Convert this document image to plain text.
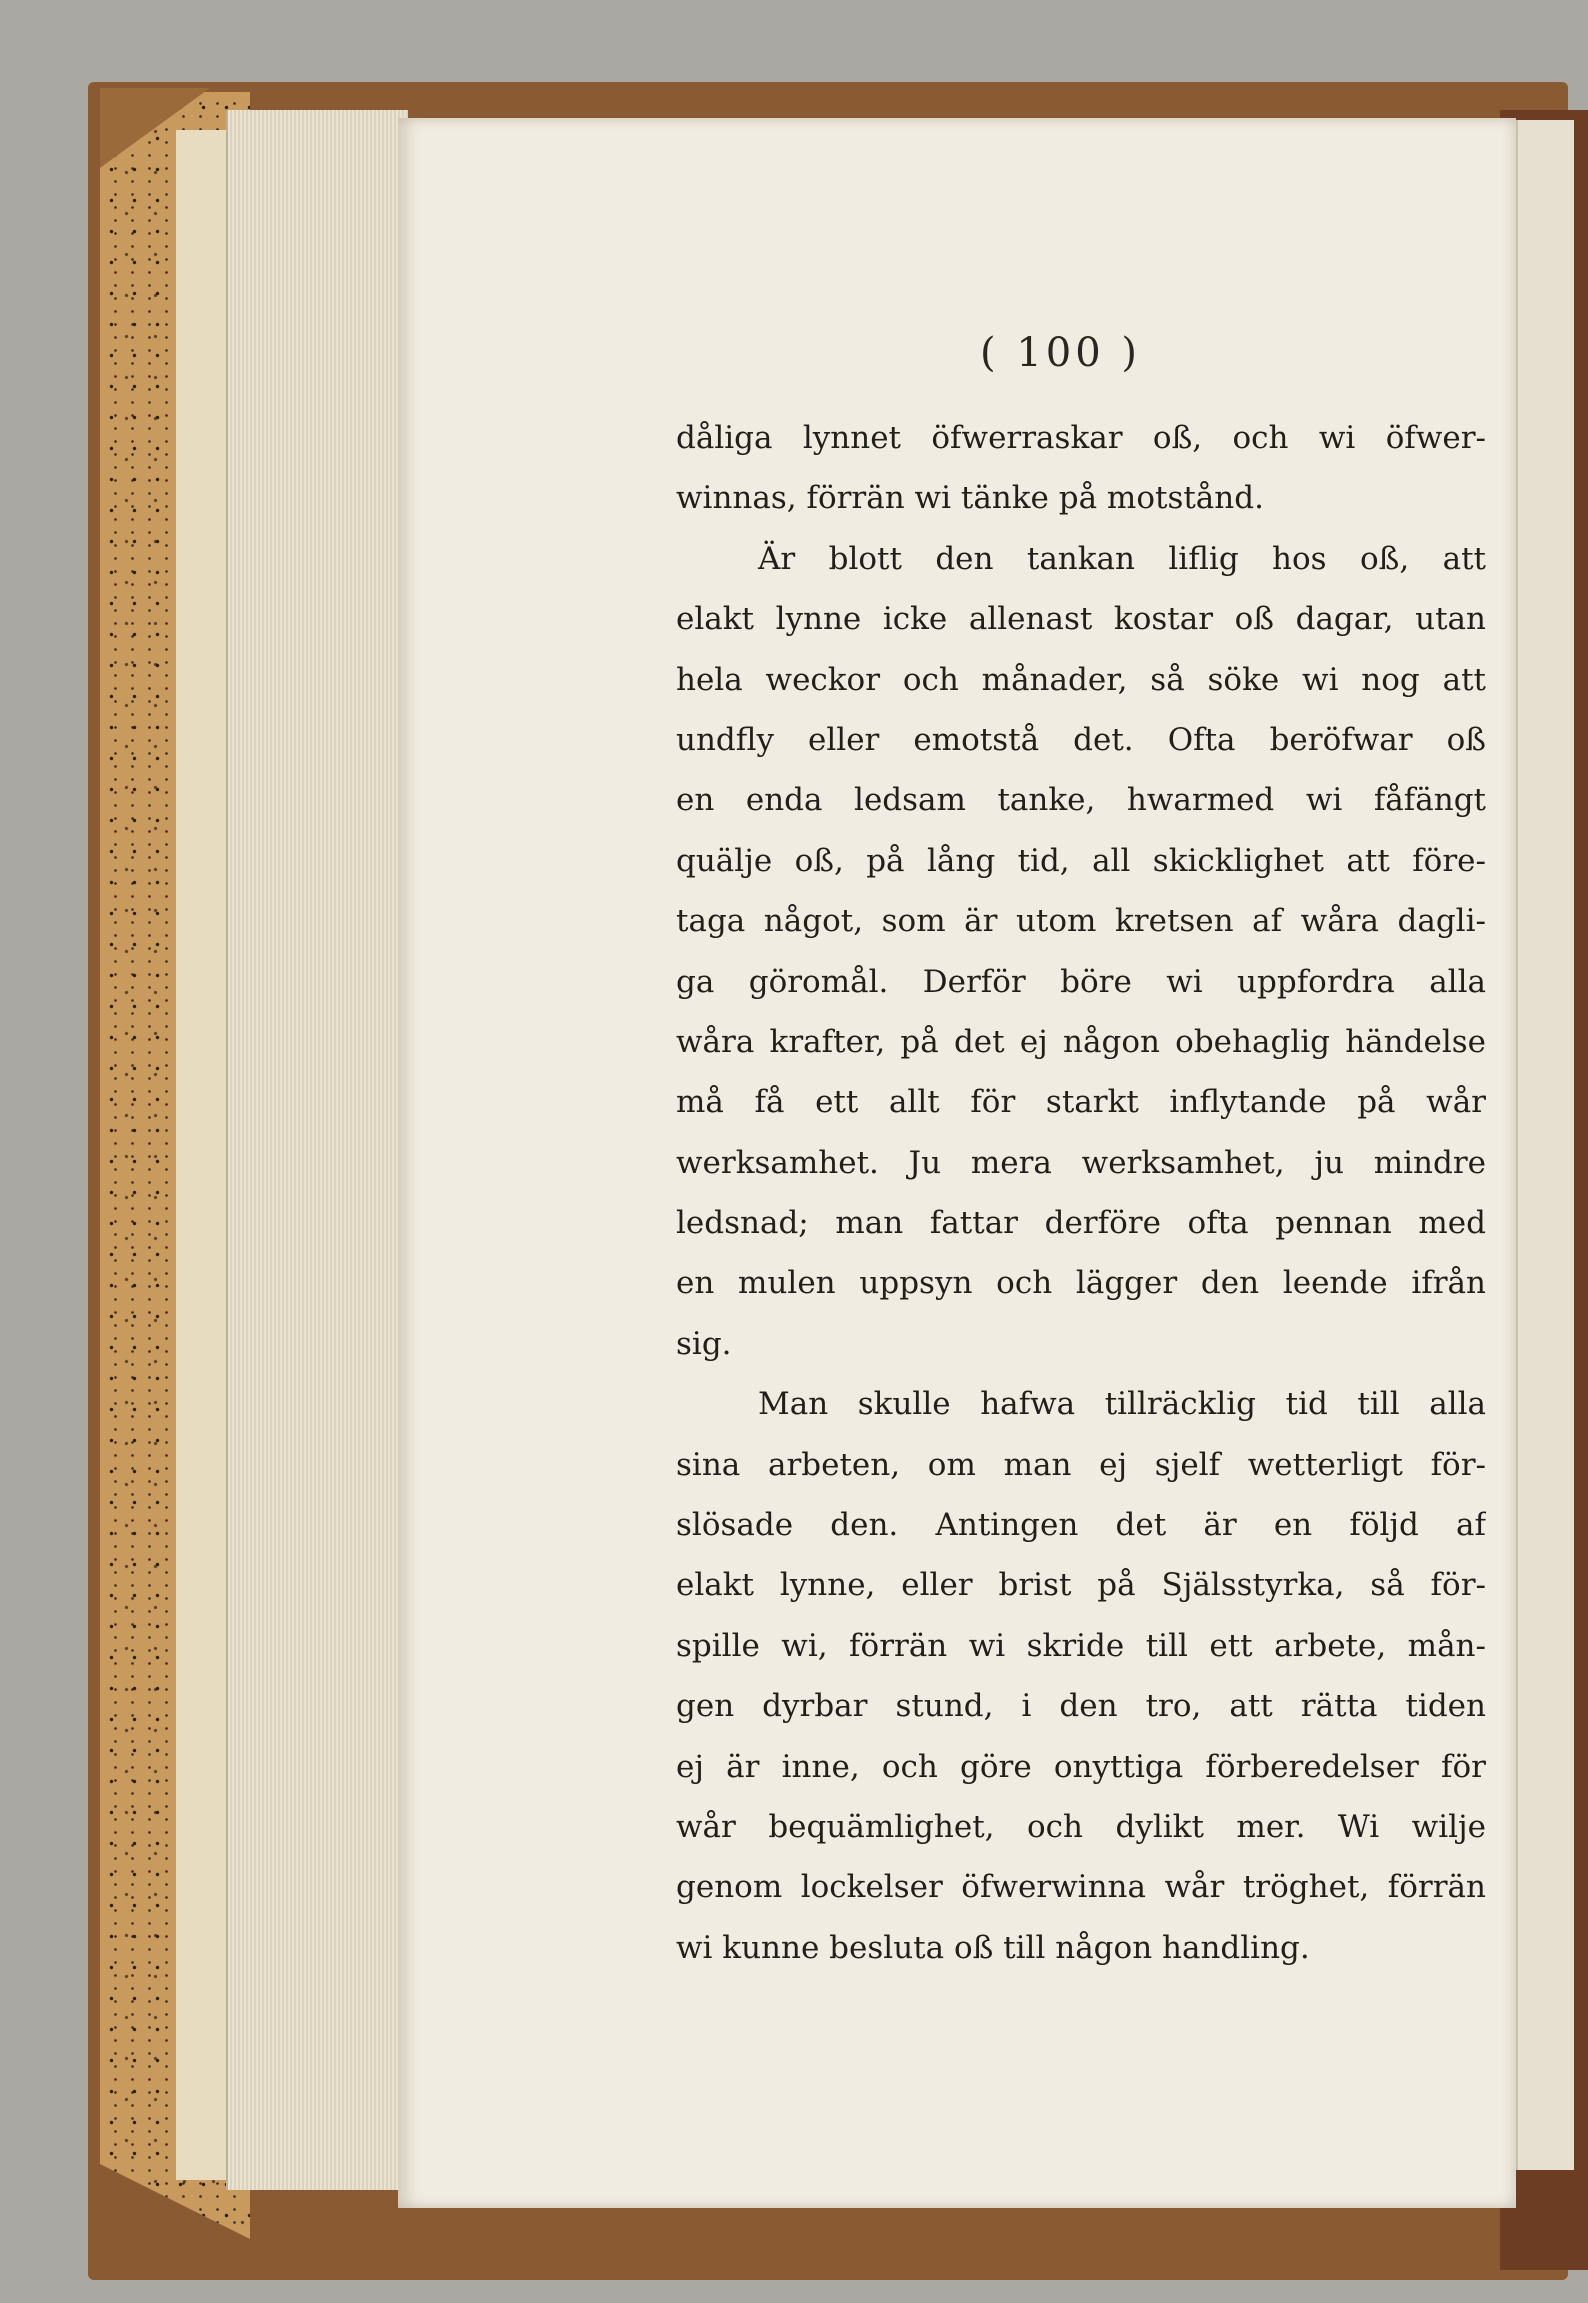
( 100 )
dåliga lynnet öfwerraskar oß, och wi öfwer-
winnas, förrän wi tänke på motstånd.
Är blott den tankan liflig hos oß, att
elakt lynne icke allenast kostar oß dagar, utan
hela weckor och månader, så söke wi nog att
undfly eller emotstå det. Ofta beröfwar oß
en enda ledsam tanke, hwarmed wi fåfängt
quälje oß, på lång tid, all skicklighet att före-
taga något, som är utom kretsen af wåra dagli-
ga göromål. Derför böre wi uppfordra alla
wåra krafter, på det ej någon obehaglig händelse
må få ett allt för starkt inflytande på wår
werksamhet. Ju mera werksamhet, ju mindre
ledsnad; man fattar derföre ofta pennan med
en mulen uppsyn och lägger den leende ifrån
sig.
Man skulle hafwa tillräcklig tid till alla
sina arbeten, om man ej sjelf wetterligt för-
slösade den. Antingen det är en följd af
elakt lynne, eller brist på Själsstyrka, så för-
spille wi, förrän wi skride till ett arbete, mån-
gen dyrbar stund, i den tro, att rätta tiden
ej är inne, och göre onyttiga förberedelser för
wår bequämlighet, och dylikt mer. Wi wilje
genom lockelser öfwerwinna wår tröghet, förrän
wi kunne besluta oß till någon handling.
